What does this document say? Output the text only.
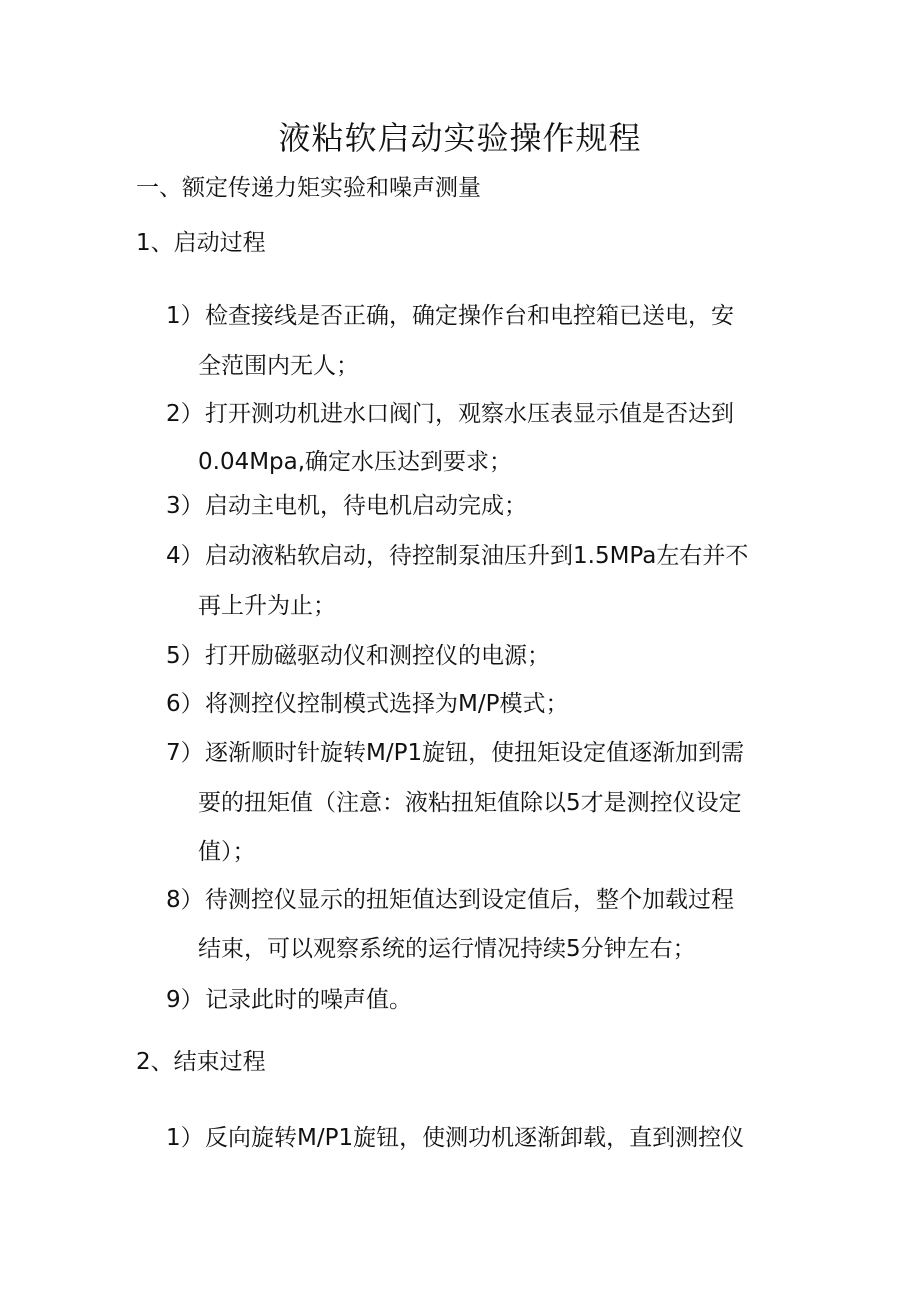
液粘软启动实验操作规程
一、额定传递力矩实验和噪声测量
1、启动过程
2、结束过程
1） 检查接线是否正确，确定操作台和电控箱已送电，安
全范围内无人；
2） 打开测功机进水口阀门，观察水压表显示值是否达到
0.04Mpa,确定水压达到要求；
3） 启动主电机，待电机启动完成；
4） 启动液粘软启动，待控制泵油压升到1.5MPa左右并不
再上升为止；
5） 打开励磁驱动仪和测控仪的电源；
6） 将测控仪控制模式选择为M/P模式；
7） 逐渐顺时针旋转M/P1旋钮，使扭矩设定值逐渐加到需
要的扭矩值（注意：液粘扭矩值除以5才是测控仪设定
值）；
8） 待测控仪显示的扭矩值达到设定值后，整个加载过程
结束，可以观察系统的运行情况持续5分钟左右；
9） 记录此时的噪声值。
1） 反向旋转M/P1旋钮，使测功机逐渐卸载，直到测控仪
